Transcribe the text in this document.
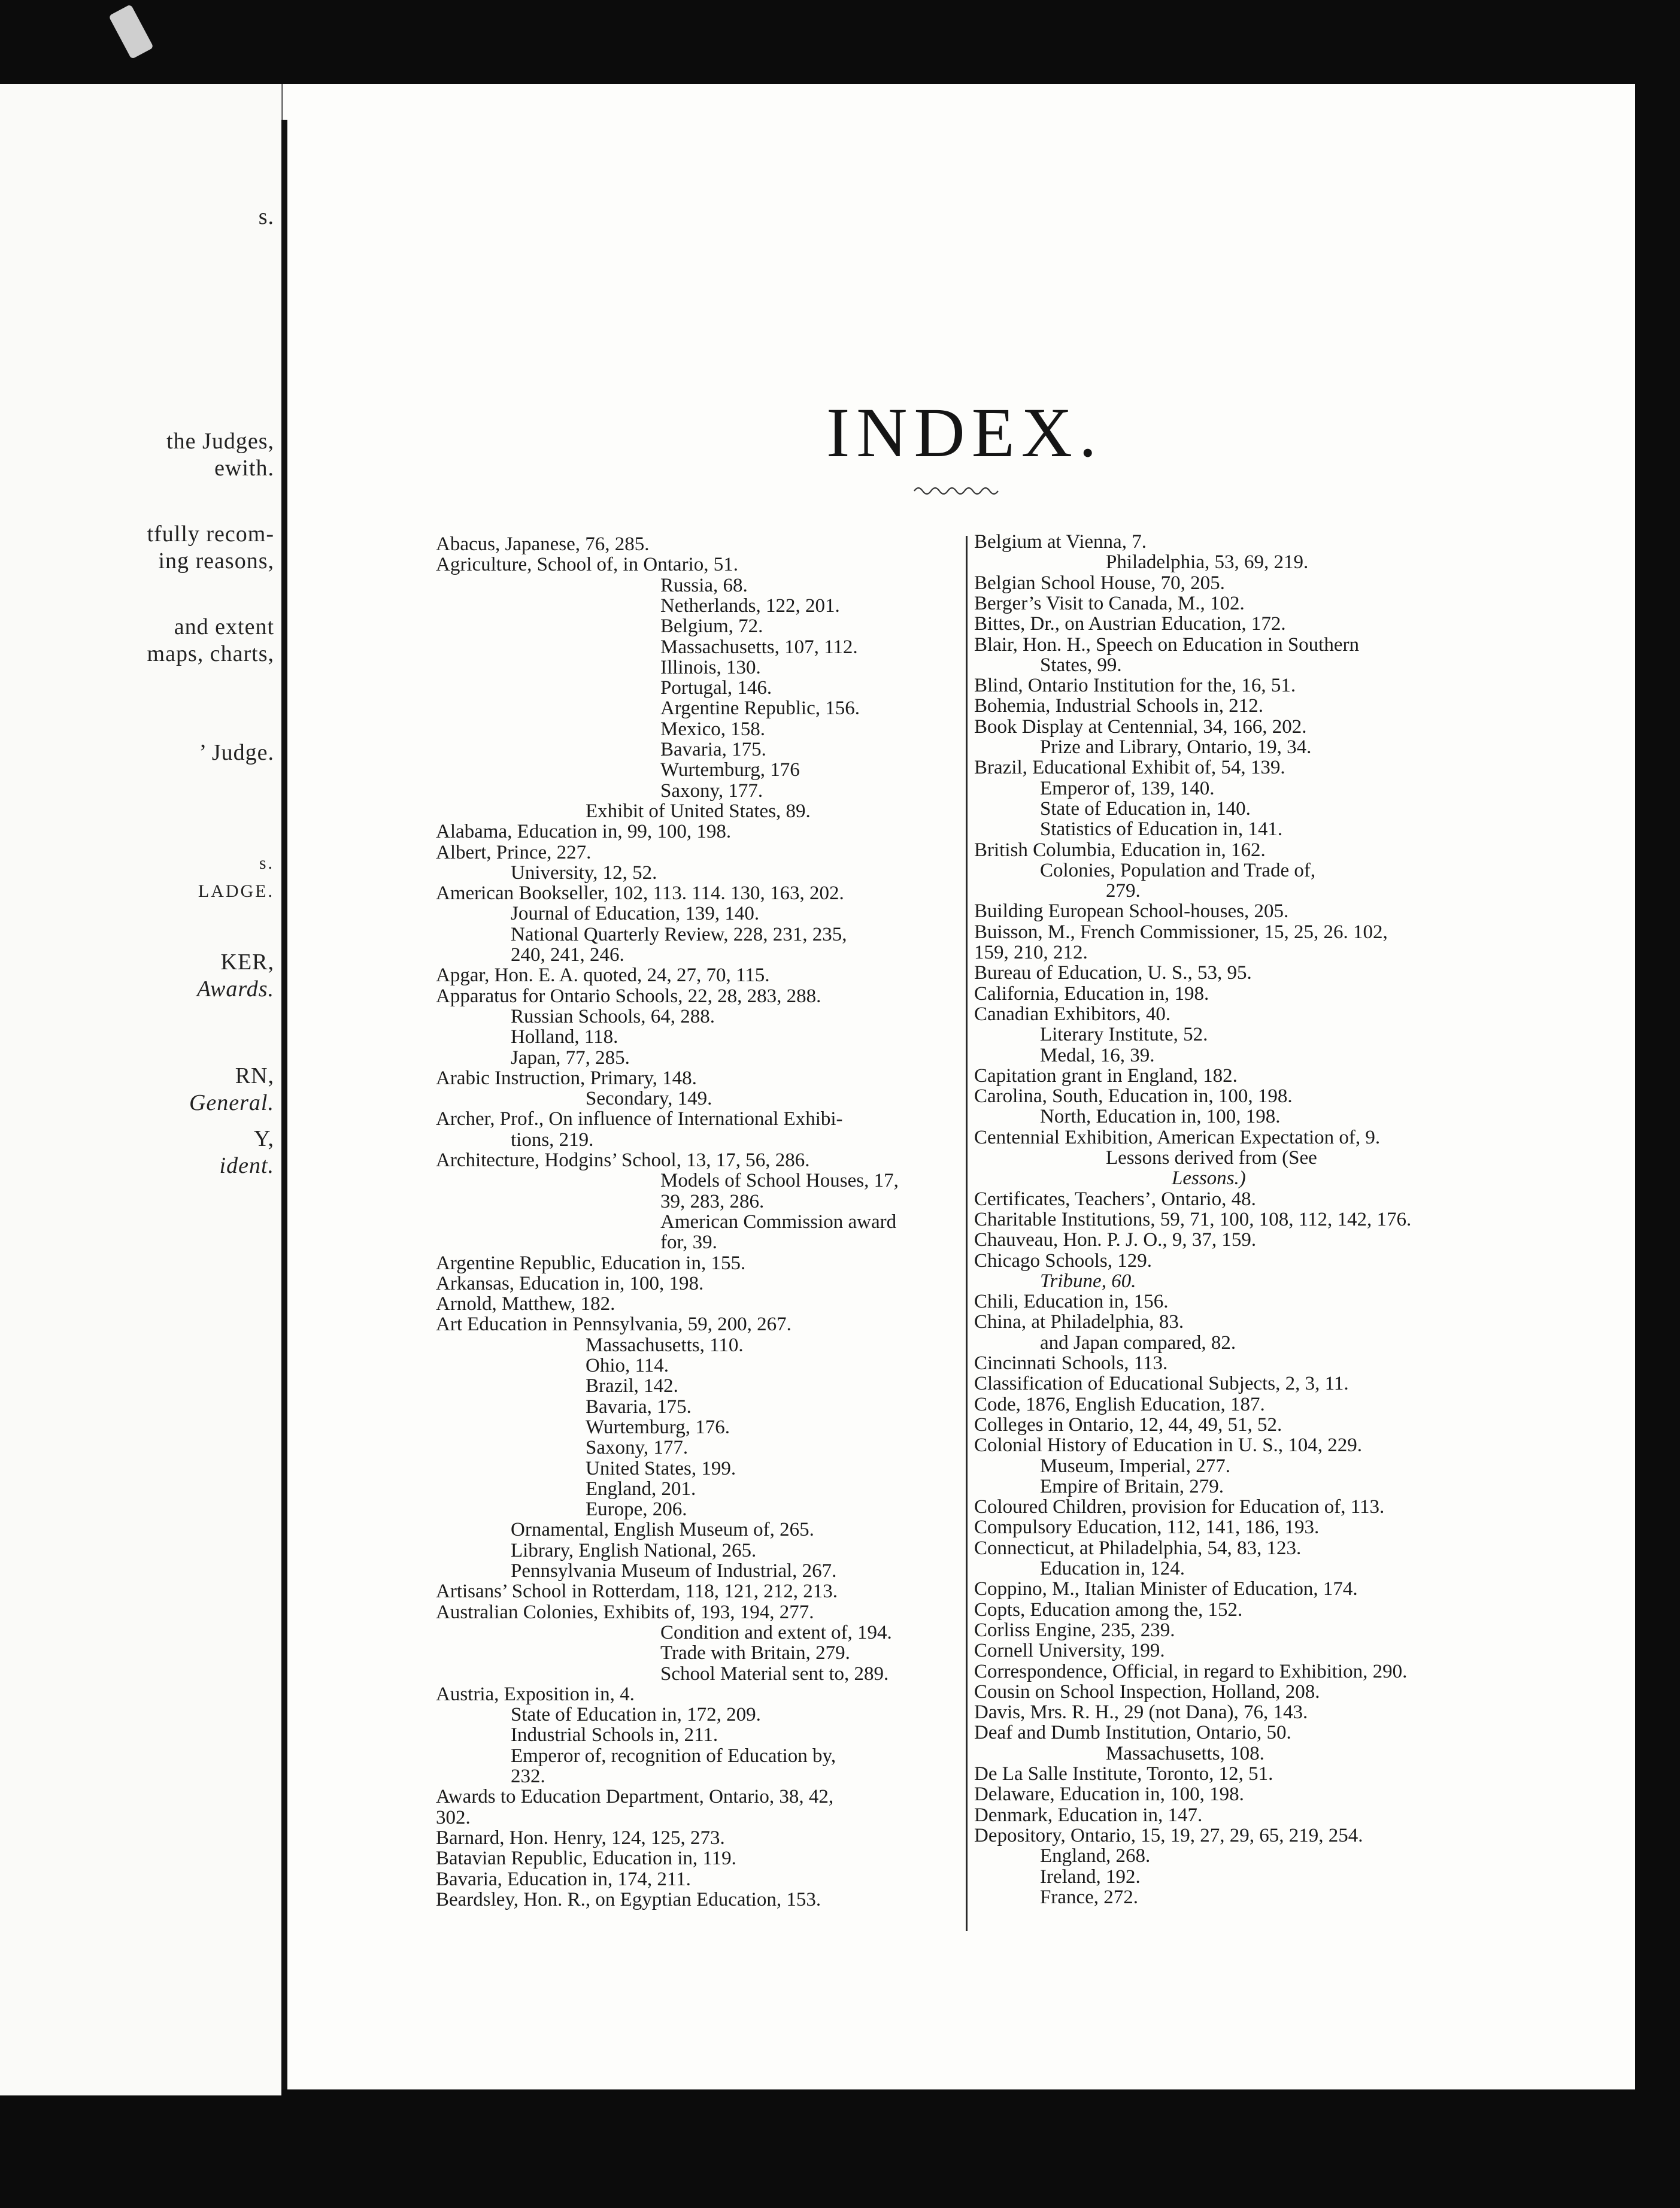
s.
the Judges,
ewith.
tfully recom-
ing reasons,
and extent
maps, charts,
’ Judge.
s.
LADGE.
KER,
Awards.
RN,
General.
Y,
ident.
INDEX.
Abacus, Japanese, 76, 285.
Agriculture, School of, in Ontario, 51.
Russia, 68.
Netherlands, 122, 201.
Belgium, 72.
Massachusetts, 107, 112.
Illinois, 130.
Portugal, 146.
Argentine Republic, 156.
Mexico, 158.
Bavaria, 175.
Wurtemburg, 176
Saxony, 177.
Exhibit of United States, 89.
Alabama, Education in, 99, 100, 198.
Albert, Prince, 227.
University, 12, 52.
American Bookseller, 102, 113. 114. 130, 163, 202.
Journal of Education, 139, 140.
National Quarterly Review, 228, 231, 235,
240, 241, 246.
Apgar, Hon. E. A. quoted, 24, 27, 70, 115.
Apparatus for Ontario Schools, 22, 28, 283, 288.
Russian Schools, 64, 288.
Holland, 118.
Japan, 77, 285.
Arabic Instruction, Primary, 148.
Secondary, 149.
Archer, Prof., On influence of International Exhibi-
tions, 219.
Architecture, Hodgins’ School, 13, 17, 56, 286.
Models of School Houses, 17,
39, 283, 286.
American Commission award
for, 39.
Argentine Republic, Education in, 155.
Arkansas, Education in, 100, 198.
Arnold, Matthew, 182.
Art Education in Pennsylvania, 59, 200, 267.
Massachusetts, 110.
Ohio, 114.
Brazil, 142.
Bavaria, 175.
Wurtemburg, 176.
Saxony, 177.
United States, 199.
England, 201.
Europe, 206.
Ornamental, English Museum of, 265.
Library, English National, 265.
Pennsylvania Museum of Industrial, 267.
Artisans’ School in Rotterdam, 118, 121, 212, 213.
Australian Colonies, Exhibits of, 193, 194, 277.
Condition and extent of, 194.
Trade with Britain, 279.
School Material sent to, 289.
Austria, Exposition in, 4.
State of Education in, 172, 209.
Industrial Schools in, 211.
Emperor of, recognition of Education by,
232.
Awards to Education Department, Ontario, 38, 42,
302.
Barnard, Hon. Henry, 124, 125, 273.
Batavian Republic, Education in, 119.
Bavaria, Education in, 174, 211.
Beardsley, Hon. R., on Egyptian Education, 153.
Belgium at Vienna, 7.
Philadelphia, 53, 69, 219.
Belgian School House, 70, 205.
Berger’s Visit to Canada, M., 102.
Bittes, Dr., on Austrian Education, 172.
Blair, Hon. H., Speech on Education in Southern
States, 99.
Blind, Ontario Institution for the, 16, 51.
Bohemia, Industrial Schools in, 212.
Book Display at Centennial, 34, 166, 202.
Prize and Library, Ontario, 19, 34.
Brazil, Educational Exhibit of, 54, 139.
Emperor of, 139, 140.
State of Education in, 140.
Statistics of Education in, 141.
British Columbia, Education in, 162.
Colonies, Population and Trade of,
279.
Building European School-houses, 205.
Buisson, M., French Commissioner, 15, 25, 26. 102,
159, 210, 212.
Bureau of Education, U. S., 53, 95.
California, Education in, 198.
Canadian Exhibitors, 40.
Literary Institute, 52.
Medal, 16, 39.
Capitation grant in England, 182.
Carolina, South, Education in, 100, 198.
North, Education in, 100, 198.
Centennial Exhibition, American Expectation of, 9.
Lessons derived from (See
Lessons.)
Certificates, Teachers’, Ontario, 48.
Charitable Institutions, 59, 71, 100, 108, 112, 142, 176.
Chauveau, Hon. P. J. O., 9, 37, 159.
Chicago Schools, 129.
Tribune, 60.
Chili, Education in, 156.
China, at Philadelphia, 83.
and Japan compared, 82.
Cincinnati Schools, 113.
Classification of Educational Subjects, 2, 3, 11.
Code, 1876, English Education, 187.
Colleges in Ontario, 12, 44, 49, 51, 52.
Colonial History of Education in U. S., 104, 229.
Museum, Imperial, 277.
Empire of Britain, 279.
Coloured Children, provision for Education of, 113.
Compulsory Education, 112, 141, 186, 193.
Connecticut, at Philadelphia, 54, 83, 123.
Education in, 124.
Coppino, M., Italian Minister of Education, 174.
Copts, Education among the, 152.
Corliss Engine, 235, 239.
Cornell University, 199.
Correspondence, Official, in regard to Exhibition, 290.
Cousin on School Inspection, Holland, 208.
Davis, Mrs. R. H., 29 (not Dana), 76, 143.
Deaf and Dumb Institution, Ontario, 50.
Massachusetts, 108.
De La Salle Institute, Toronto, 12, 51.
Delaware, Education in, 100, 198.
Denmark, Education in, 147.
Depository, Ontario, 15, 19, 27, 29, 65, 219, 254.
England, 268.
Ireland, 192.
France, 272.
